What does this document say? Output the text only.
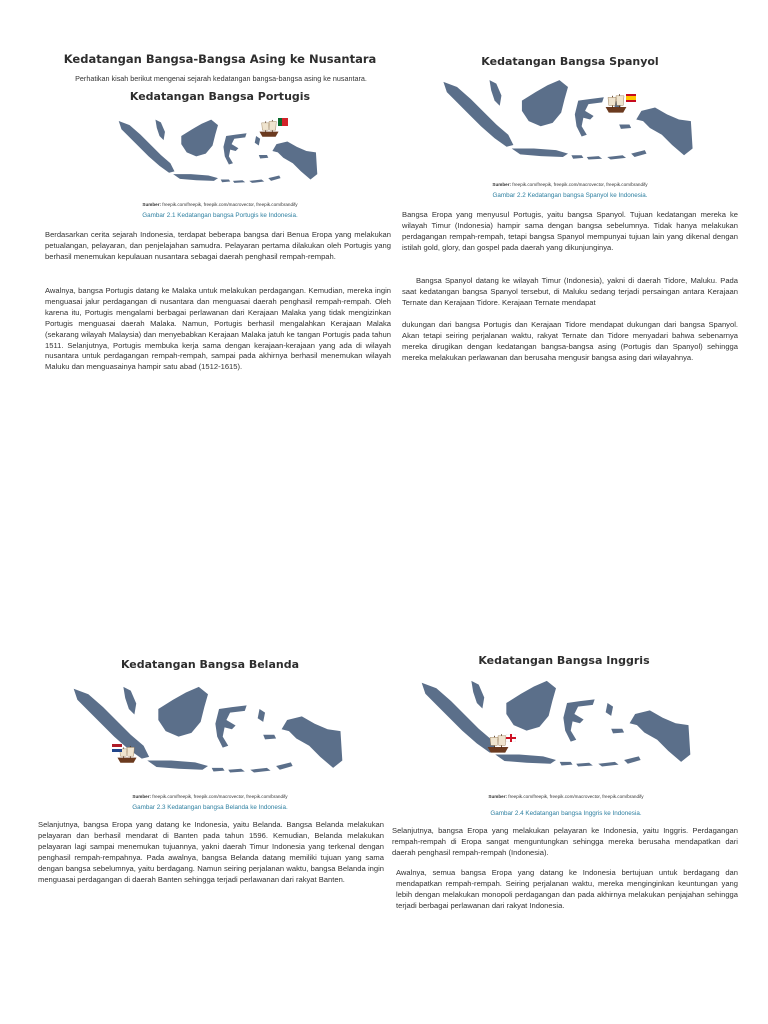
Kedatangan Bangsa-Bangsa Asing ke Nusantara
Perhatikan kisah berikut mengenai sejarah kedatangan bangsa-bangsa asing ke nusantara.
Kedatangan Bangsa Portugis
Sumber: freepik.com/freepik, freepik.com/macrovector, freepik.com/brandify
Gambar 2.1 Kedatangan bangsa Portugis ke Indonesia.
Berdasarkan cerita sejarah Indonesia, terdapat beberapa bangsa dari Benua Eropa yang melakukan petualangan, pelayaran, dan penjelajahan samudra. Pelayaran pertama dilakukan oleh Portugis yang berhasil menemukan kepulauan nusantara sebagai daerah penghasil rempah-rempah.
Awalnya, bangsa Portugis datang ke Malaka untuk melakukan perdagangan. Kemudian, mereka ingin menguasai jalur perdagangan di nusantara dan menguasai daerah penghasil rempah-rempah. Oleh karena itu, Portugis mengalami berbagai perlawanan dari Kerajaan Malaka yang tidak mengizinkan Portugis menguasai daerah Malaka. Namun, Portugis berhasil mengalahkan Kerajaan Malaka (sekarang wilayah Malaysia) dan menyebabkan Kerajaan Malaka jatuh ke tangan Portugis pada tahun 1511. Selanjutnya, Portugis membuka kerja sama dengan kerajaan-kerajaan yang ada di wilayah nusantara untuk perdagangan rempah-rempah, sampai pada akhirnya berhasil menemukan wilayah Maluku dan menguasainya hampir satu abad (1512-1615).
Kedatangan Bangsa Spanyol
Sumber: freepik.com/freepik, freepik.com/macrovector, freepik.com/brandify
Gambar 2.2 Kedatangan bangsa Spanyol ke Indonesia.
Bangsa Eropa yang menyusul Portugis, yaitu bangsa Spanyol. Tujuan kedatangan mereka ke wilayah Timur (Indonesia) hampir sama dengan bangsa sebelumnya. Tidak hanya melakukan perdagangan rempah-rempah, tetapi bangsa Spanyol mempunyai tujuan lain yang dikenal dengan istilah gold, glory, dan gospel pada daerah yang dikunjunginya.
Bangsa Spanyol datang ke wilayah Timur (Indonesia), yakni di daerah Tidore, Maluku. Pada saat kedatangan bangsa Spanyol tersebut, di Maluku sedang terjadi persaingan antara Kerajaan Ternate dan Kerajaan Tidore. Kerajaan Ternate mendapat
dukungan dari bangsa Portugis dan Kerajaan Tidore mendapat dukungan dari bangsa Spanyol. Akan tetapi seiring perjalanan waktu, rakyat Ternate dan Tidore menyadari bahwa sebenarnya mereka dirugikan dengan kedatangan bangsa-bangsa asing (Portugis dan Spanyol) sehingga mereka melakukan perlawanan dan berusaha mengusir bangsa asing dari wilayahnya.
Kedatangan Bangsa Belanda
Sumber: freepik.com/freepik, freepik.com/macrovector, freepik.com/brandify
Gambar 2.3 Kedatangan bangsa Belanda ke Indonesia.
Selanjutnya, bangsa Eropa yang datang ke Indonesia, yaitu Belanda. Bangsa Belanda melakukan pelayaran dan berhasil mendarat di Banten pada tahun 1596. Kemudian, Belanda melakukan pelayaran lagi sampai menemukan tujuannya, yakni daerah Timur Indonesia yang terkenal dengan penghasil rempah-rempahnya. Pada awalnya, bangsa Belanda datang memiliki tujuan yang sama dengan bangsa sebelumnya, yaitu berdagang. Namun seiring perjalanan waktu, bangsa Belanda ingin menguasai perdagangan di daerah Banten sehingga terjadi perlawanan dari rakyat Banten.
Kedatangan Bangsa Inggris
Sumber: freepik.com/freepik, freepik.com/macrovector, freepik.com/brandify
Gambar 2.4 Kedatangan bangsa Inggris ke Indonesia.
Selanjutnya, bangsa Eropa yang melakukan pelayaran ke Indonesia, yaitu Inggris. Perdagangan rempah-rempah di Eropa sangat menguntungkan sehingga mereka berusaha mendapatkan dari daerah penghasil rempah-rempah (Indonesia).
Awalnya, semua bangsa Eropa yang datang ke Indonesia bertujuan untuk berdagang dan mendapatkan rempah-rempah. Seiring perjalanan waktu, mereka menginginkan keuntungan yang lebih dengan melakukan monopoli perdagangan dan pada akhirnya melakukan penjajahan sehingga terjadi berbagai perlawanan dari rakyat Indonesia.
